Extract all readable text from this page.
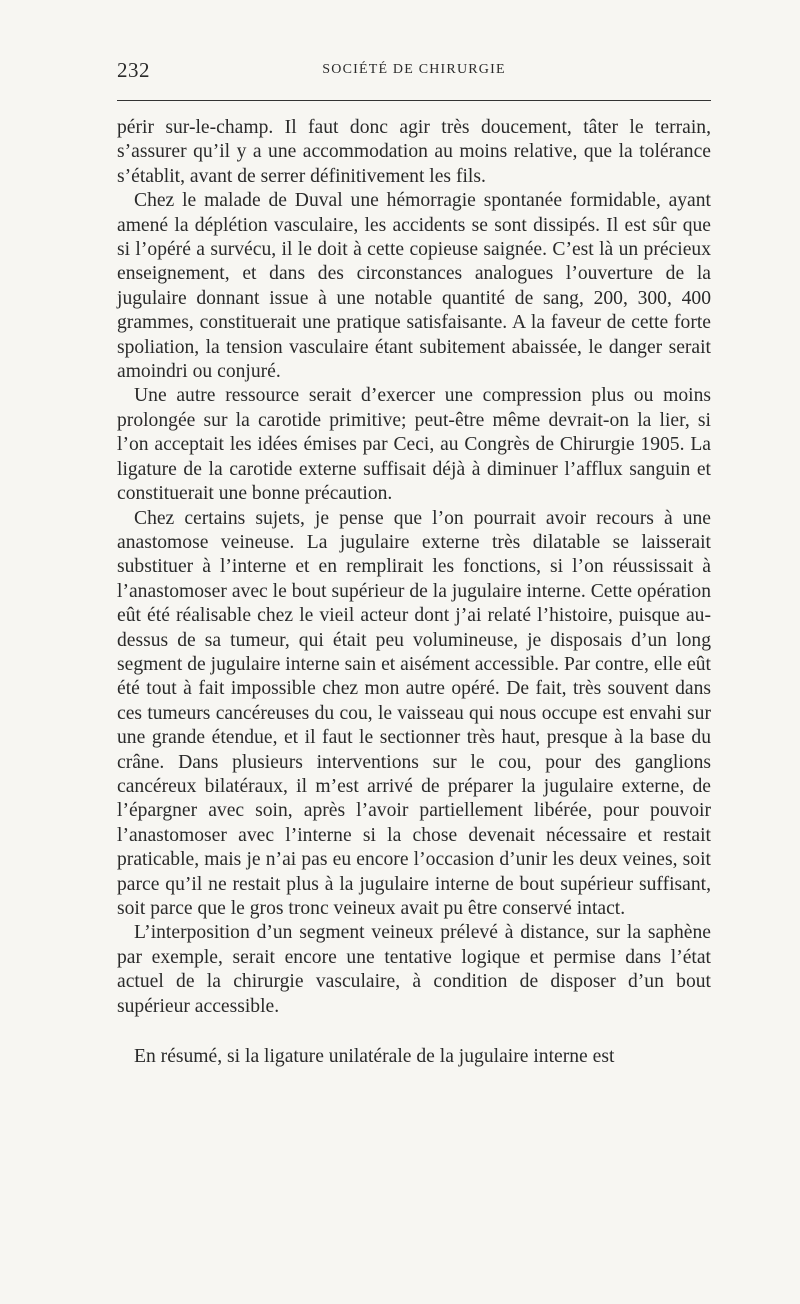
232	SOCIÉTÉ DE CHIRURGIE

périr sur-le-champ. Il faut donc agir très doucement, tâter le terrain, s’assurer qu’il y a une accommodation au moins relative, que la tolérance s’établit, avant de serrer définitivement les fils.

Chez le malade de Duval une hémorragie spontanée formidable, ayant amené la déplétion vasculaire, les accidents se sont dissipés. Il est sûr que si l’opéré a survécu, il le doit à cette copieuse saignée. C’est là un précieux enseignement, et dans des circonstances analogues l’ouverture de la jugulaire donnant issue à une notable quantité de sang, 200, 300, 400 grammes, constituerait une pratique satisfaisante. A la faveur de cette forte spoliation, la tension vasculaire étant subitement abaissée, le danger serait amoindri ou conjuré.

Une autre ressource serait d’exercer une compression plus ou moins prolongée sur la carotide primitive; peut-être même devrait-on la lier, si l’on acceptait les idées émises par Ceci, au Congrès de Chirurgie 1905. La ligature de la carotide externe suffisait déjà à diminuer l’afflux sanguin et constituerait une bonne précaution.

Chez certains sujets, je pense que l’on pourrait avoir recours à une anastomose veineuse. La jugulaire externe très dilatable se laisserait substituer à l’interne et en remplirait les fonctions, si l’on réussissait à l’anastomoser avec le bout supérieur de la jugulaire interne. Cette opération eût été réalisable chez le vieil acteur dont j’ai relaté l’histoire, puisque au-dessus de sa tumeur, qui était peu volumineuse, je disposais d’un long segment de jugulaire interne sain et aisément accessible. Par contre, elle eût été tout à fait impossible chez mon autre opéré. De fait, très souvent dans ces tumeurs cancéreuses du cou, le vaisseau qui nous occupe est envahi sur une grande étendue, et il faut le sectionner très haut, presque à la base du crâne. Dans plusieurs interventions sur le cou, pour des ganglions cancéreux bilatéraux, il m’est arrivé de préparer la jugulaire externe, de l’épargner avec soin, après l’avoir partiellement libérée, pour pouvoir l’anastomoser avec l’interne si la chose devenait nécessaire et restait praticable, mais je n’ai pas eu encore l’occasion d’unir les deux veines, soit parce qu’il ne restait plus à la jugulaire interne de bout supérieur suffisant, soit parce que le gros tronc veineux avait pu être conservé intact.

L’interposition d’un segment veineux prélevé à distance, sur la saphène par exemple, serait encore une tentative logique et permise dans l’état actuel de la chirurgie vasculaire, à condition de disposer d’un bout supérieur accessible.

En résumé, si la ligature unilatérale de la jugulaire interne est
